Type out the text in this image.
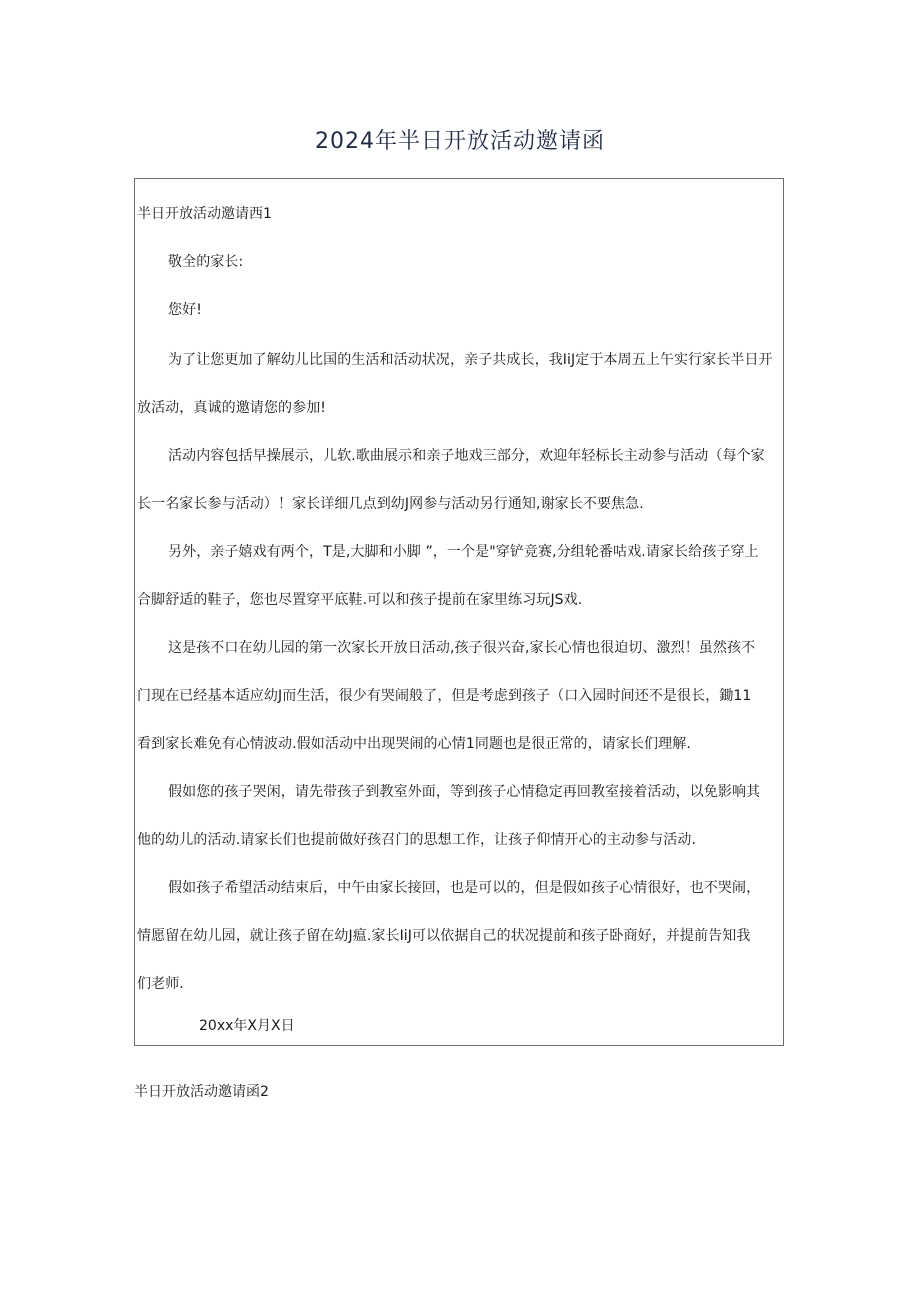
2024年半日开放活动邀请函
半日开放活动邀请西1
敬全的家长:
您好!
为了让您更加了解幼儿比国的生活和活动状况，亲子共成长，我IiJ定于本周五上午实行家长半日开
放活动，真诚的邀请您的参加!
活动内容包括早操展示，儿软.歌曲展示和亲子地戏三部分，欢迎年轻标长主动参与活动（每个家
长一名家长参与活动）！家长详细几点到幼J网参与活动另行通知,谢家长不要焦急.
另外，亲子嬉戏有两个，T是,大脚和小脚 ”，一个是"穿铲竞赛,分组轮番咕戏.请家长给孩子穿上
合脚舒适的鞋子，您也尽置穿平底鞋.可以和孩子提前在家里练习玩JS戏.
这是孩不口在幼儿园的第一次家长开放日活动,孩子很兴奋,家长心情也很迫切、激烈！虽然孩不
门现在已经基本适应幼J而生活，很少有哭闹般了，但是考虑到孩子（口入园时间还不是很长，鋤11
看到家长难免有心情波动.假如活动中出现哭闹的心情1同题也是很正常的，请家长们理解.
假如您的孩子哭闲，请先带孩子到教室外面，等到孩子心情稳定再回教室接着活动，以免影响其
他的幼儿的活动.请家长们也提前做好孩召门的思想工作，让孩子仰情开心的主动参与活动.
假如孩子希望活动结束后，中午由家长接回，也是可以的，但是假如孩子心情很好，也不哭闹，
情愿留在幼儿园，就让孩子留在幼J瘟.家长IiJ可以依据自己的状况提前和孩子卧商好，并提前告知我
们老师.
20xx年X月X日
半日开放活动邀请函2
